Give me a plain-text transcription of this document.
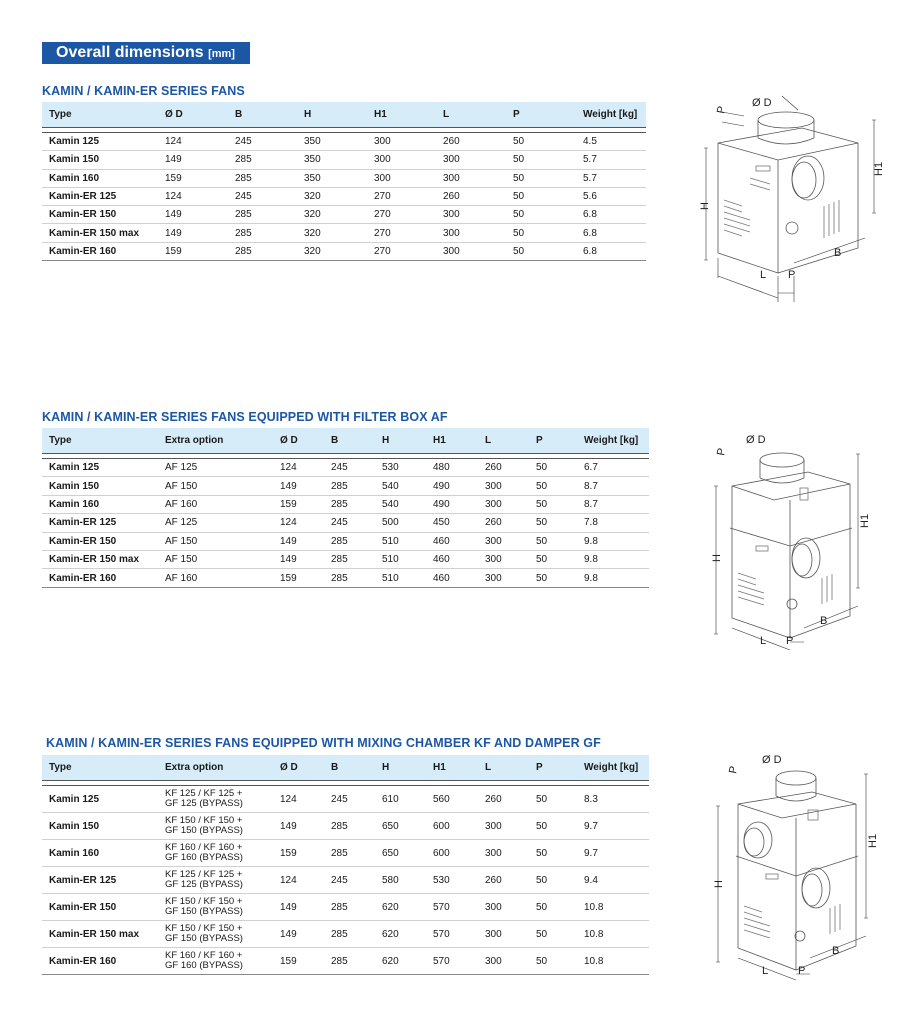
Overall dimensions [mm]
KAMIN / KAMIN-ER SERIES FANS
Type	Ø D	B	H	H1	L	P	Weight [kg]

Kamin 125	124	245	350	300	260	50	4.5
Kamin 150	149	285	350	300	300	50	5.7
Kamin 160	159	285	350	300	300	50	5.7
Kamin-ER 125	124	245	320	270	260	50	5.6
Kamin-ER 150	149	285	320	270	300	50	6.8
Kamin-ER 150 max	149	285	320	270	300	50	6.8
Kamin-ER 160	159	285	320	270	300	50	6.8
KAMIN / KAMIN-ER SERIES FANS EQUIPPED WITH FILTER BOX AF
Type	Extra option	Ø D	B	H	H1	L	P	Weight [kg]

Kamin 125	AF 125	124	245	530	480	260	50	6.7
Kamin 150	AF 150	149	285	540	490	300	50	8.7
Kamin 160	AF 160	159	285	540	490	300	50	8.7
Kamin-ER 125	AF 125	124	245	500	450	260	50	7.8
Kamin-ER 150	AF 150	149	285	510	460	300	50	9.8
Kamin-ER 150 max	AF 150	149	285	510	460	300	50	9.8
Kamin-ER 160	AF 160	159	285	510	460	300	50	9.8
KAMIN / KAMIN-ER SERIES FANS EQUIPPED WITH MIXING CHAMBER KF AND DAMPER GF
Type	Extra option	Ø D	B	H	H1	L	P	Weight [kg]

Kamin 125	KF 125 / KF 125 +
GF 125 (BYPASS)	124	245	610	560	260	50	8.3
Kamin 150	KF 150 / KF 150 +
GF 150 (BYPASS)	149	285	650	600	300	50	9.7
Kamin 160	KF 160 / KF 160 +
GF 160 (BYPASS)	159	285	650	600	300	50	9.7
Kamin-ER 125	KF 125 / KF 125 +
GF 125 (BYPASS)	124	245	580	530	260	50	9.4
Kamin-ER 150	KF 150 / KF 150 +
GF 150 (BYPASS)	149	285	620	570	300	50	10.8
Kamin-ER 150 max	KF 150 / KF 150 +
GF 150 (BYPASS)	149	285	620	570	300	50	10.8
Kamin-ER 160	KF 160 / KF 160 +
GF 160 (BYPASS)	159	285	620	570	300	50	10.8
Ø D
P
H
H1
L P
B
Ø D
P
H
H1
L P
B
Ø D
P
H
H1
L	P
B
